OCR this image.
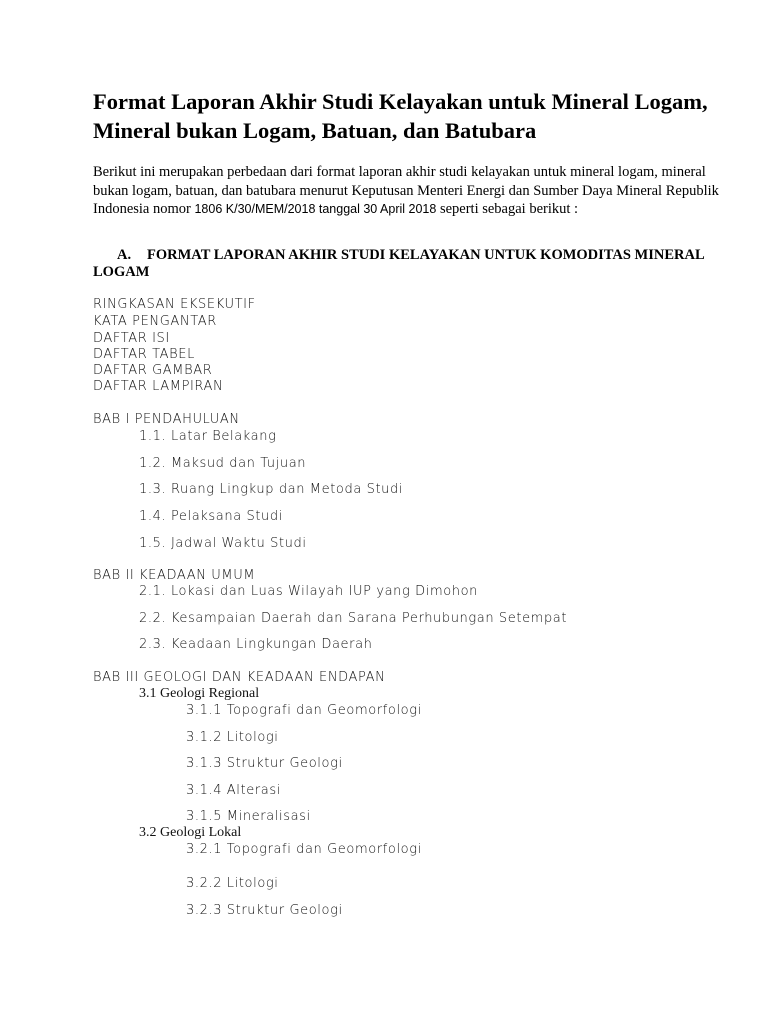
Format Laporan Akhir Studi Kelayakan untuk Mineral Logam, Mineral bukan Logam, Batuan, dan Batubara

Berikut ini merupakan perbedaan dari format laporan akhir studi kelayakan untuk mineral logam, mineral bukan logam, batuan, dan batubara menurut Keputusan Menteri Energi dan Sumber Daya Mineral Republik Indonesia nomor 1806 K/30/MEM/2018 tanggal 30 April 2018 seperti sebagai berikut :

A. FORMAT LAPORAN AKHIR STUDI KELAYAKAN UNTUK KOMODITAS MINERAL LOGAM

RINGKASAN EKSEKUTIF
KATA PENGANTAR
DAFTAR ISI
DAFTAR TABEL
DAFTAR GAMBAR
DAFTAR LAMPIRAN
BAB I PENDAHULUAN
1.1. Latar Belakang
1.2. Maksud dan Tujuan
1.3. Ruang Lingkup dan Metoda Studi
1.4. Pelaksana Studi
1.5. Jadwal Waktu Studi
BAB II KEADAAN UMUM
2.1. Lokasi dan Luas Wilayah IUP yang Dimohon
2.2. Kesampaian Daerah dan Sarana Perhubungan Setempat
2.3. Keadaan Lingkungan Daerah
BAB III GEOLOGI DAN KEADAAN ENDAPAN
3.1 Geologi Regional
3.1.1 Topografi dan Geomorfologi
3.1.2 Litologi
3.1.3 Struktur Geologi
3.1.4 Alterasi
3.1.5 Mineralisasi
3.2 Geologi Lokal
3.2.1 Topografi dan Geomorfologi
3.2.2 Litologi
3.2.3 Struktur Geologi
